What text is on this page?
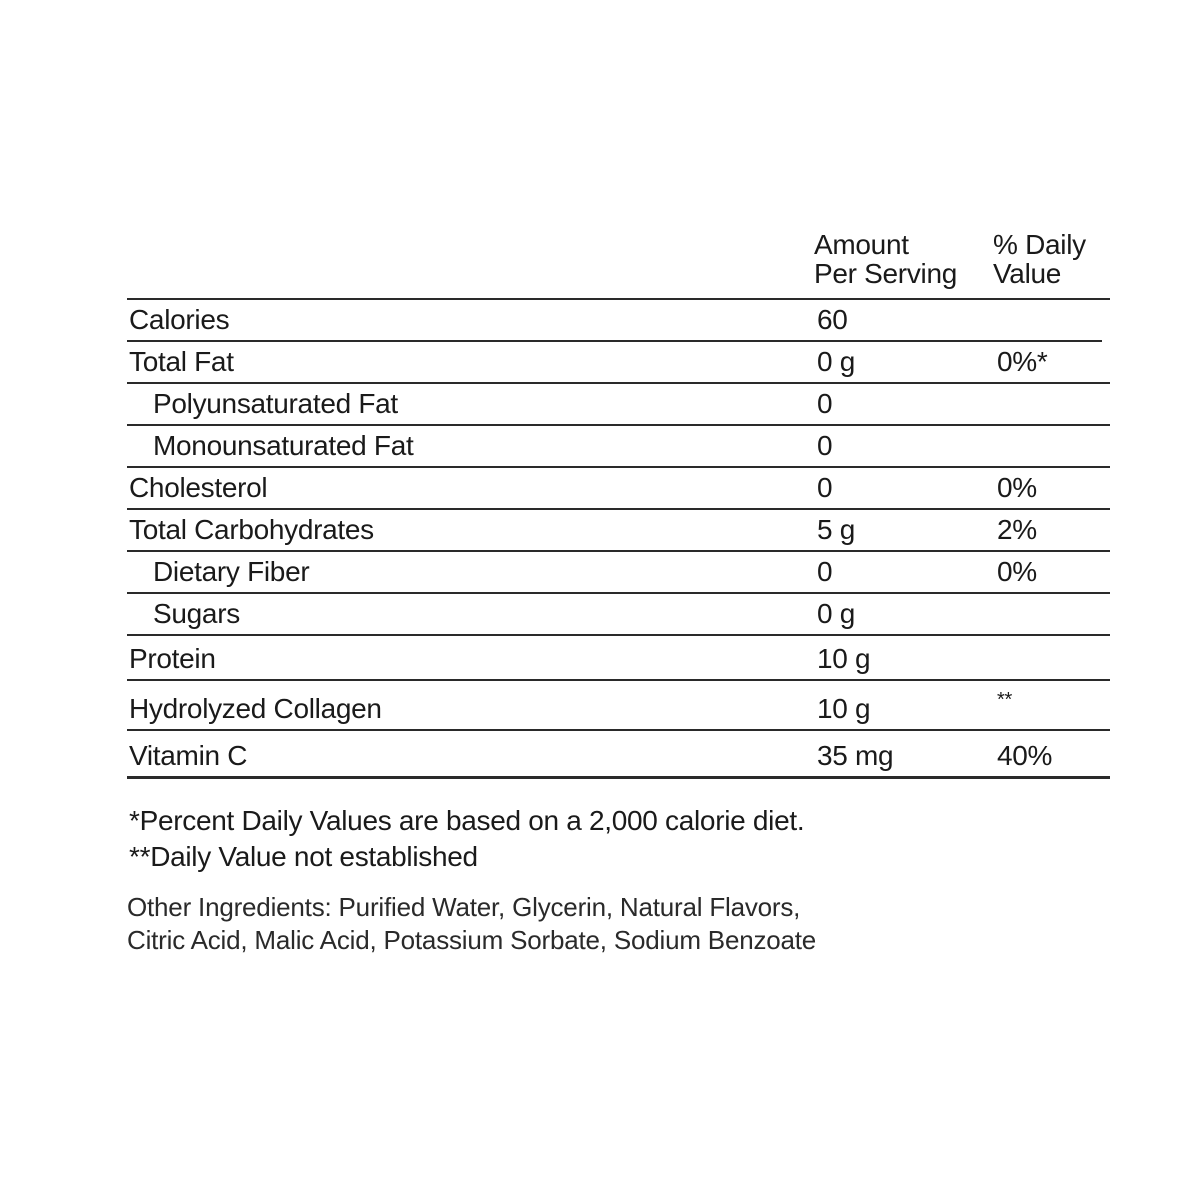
Amount
Per Serving
% Daily
Value
Calories	60
Total Fat	0 g	0%*
Polyunsaturated Fat	0
Monounsaturated Fat	0
Cholesterol	0	0%
Total Carbohydrates	5 g	2%
Dietary Fiber	0	0%
Sugars	0 g
Protein	10 g
Hydrolyzed Collagen	10 g	**
Vitamin C	35 mg	40%
*Percent Daily Values are based on a 2,000 calorie diet.
**Daily Value not established
Other Ingredients: Purified Water, Glycerin, Natural Flavors,
Citric Acid, Malic Acid, Potassium Sorbate, Sodium Benzoate
